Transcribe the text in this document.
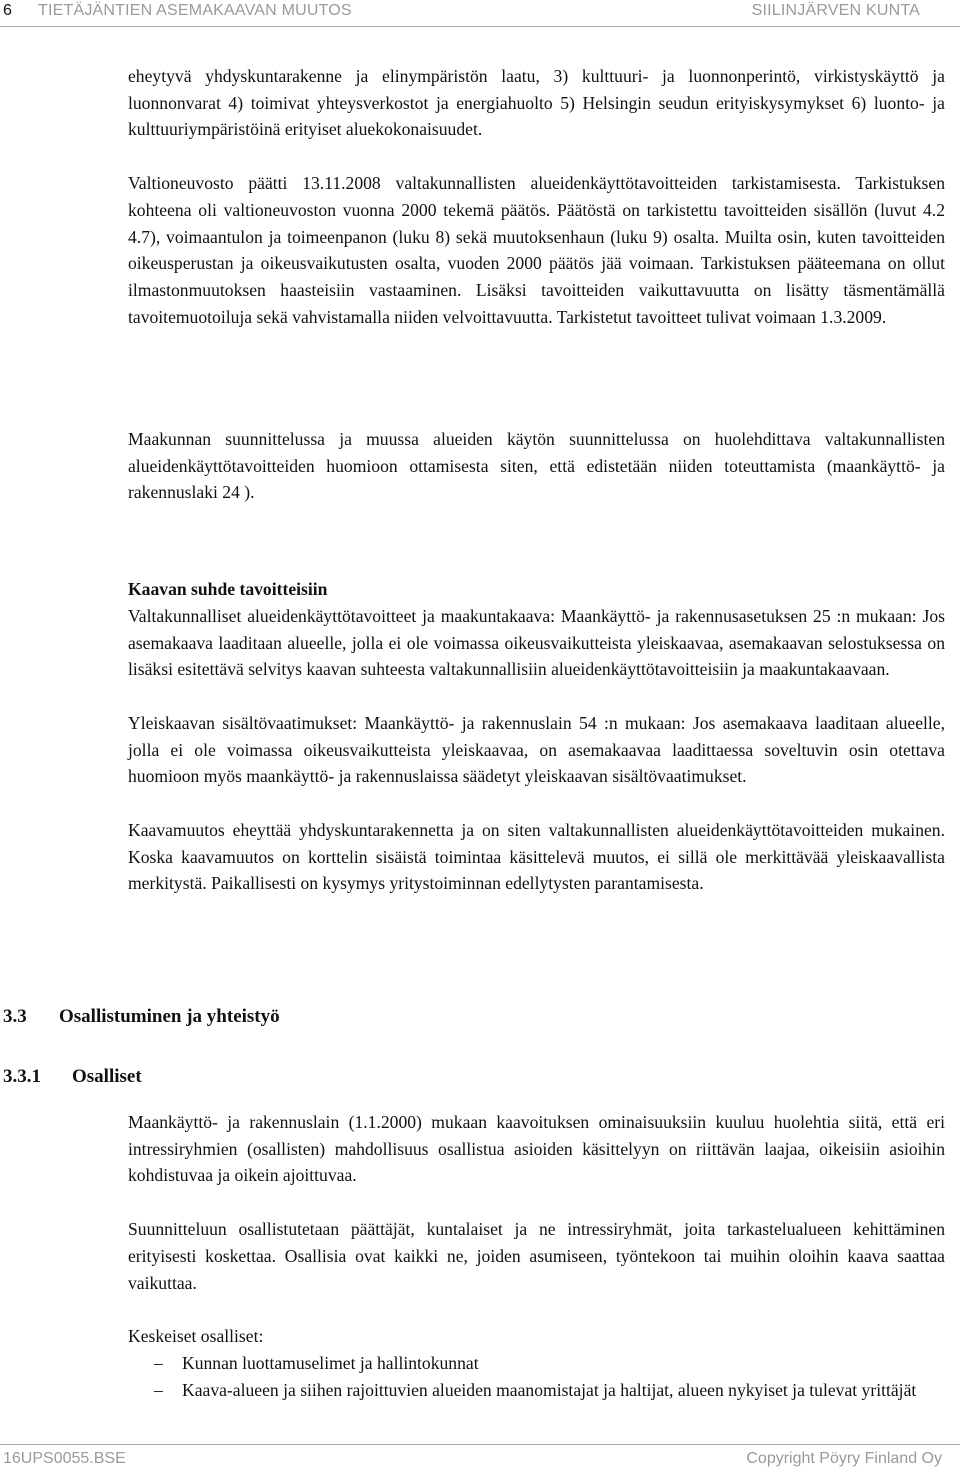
6 TIETÄJÄNTIEN ASEMAKAAVAN MUUTOS	SIILINJÄRVEN KUNTA

eheytyvä yhdyskuntarakenne ja elinympäristön laatu, 3) kulttuuri- ja luonnonperintö, virkistyskäyttö ja luonnonvarat 4) toimivat yhteysverkostot ja energiahuolto 5) Helsingin seudun erityiskysymykset 6) luonto- ja kulttuuriympäristöinä erityiset aluekokonaisuudet.

Valtioneuvosto päätti 13.11.2008 valtakunnallisten alueidenkäyttötavoitteiden tarkistamisesta. Tarkistuksen kohteena oli valtioneuvoston vuonna 2000 tekemä päätös. Päätöstä on tarkistettu tavoitteiden sisällön (luvut 4.2 4.7), voimaantulon ja toimeenpanon (luku 8) sekä muutoksenhaun (luku 9) osalta. Muilta osin, kuten tavoitteiden oikeusperustan ja oikeusvaikutusten osalta, vuoden 2000 päätös jää voimaan. Tarkistuksen pääteemana on ollut ilmastonmuutoksen haasteisiin vastaaminen. Lisäksi tavoitteiden vaikuttavuutta on lisätty täsmentämällä tavoitemuotoiluja sekä vahvistamalla niiden velvoittavuutta. Tarkistetut tavoitteet tulivat voimaan 1.3.2009.

Maakunnan suunnittelussa ja muussa alueiden käytön suunnittelussa on huolehdittava valtakunnallisten alueidenkäyttötavoitteiden huomioon ottamisesta siten, että edistetään niiden toteuttamista (maankäyttö- ja rakennuslaki 24 ).

Kaavan suhde tavoitteisiin

Valtakunnalliset alueidenkäyttötavoitteet ja maakuntakaava: Maankäyttö- ja rakennusasetuksen 25 :n mukaan: Jos asemakaava laaditaan alueelle, jolla ei ole voimassa oikeusvaikutteista yleiskaavaa, asemakaavan selostuksessa on lisäksi esitettävä selvitys kaavan suhteesta valtakunnallisiin alueidenkäyttötavoitteisiin ja maakuntakaavaan.

Yleiskaavan sisältövaatimukset: Maankäyttö- ja rakennuslain 54 :n mukaan: Jos asemakaava laaditaan alueelle, jolla ei ole voimassa oikeusvaikutteista yleiskaavaa, on asemakaavaa laadittaessa soveltuvin osin otettava huomioon myös maankäyttö- ja rakennuslaissa säädetyt yleiskaavan sisältövaatimukset.

Kaavamuutos eheyttää yhdyskuntarakennetta ja on siten valtakunnallisten alueidenkäyttötavoitteiden mukainen. Koska kaavamuutos on korttelin sisäistä toimintaa käsittelevä muutos, ei sillä ole merkittävää yleiskaavallista merkitystä. Paikallisesti on kysymys yritystoiminnan edellytysten parantamisesta.

3.3 Osallistuminen ja yhteistyö
3.3.1 Osalliset

Maankäyttö- ja rakennuslain (1.1.2000) mukaan kaavoituksen ominaisuuksiin kuuluu huolehtia siitä, että eri intressiryhmien (osallisten) mahdollisuus osallistua asioiden käsittelyyn on riittävän laajaa, oikeisiin asioihin kohdistuvaa ja oikein ajoittuvaa.

Suunnitteluun osallistutetaan päättäjät, kuntalaiset ja ne intressiryhmät, joita tarkastelualueen kehittäminen erityisesti koskettaa. Osallisia ovat kaikki ne, joiden asumiseen, työntekoon tai muihin oloihin kaava saattaa vaikuttaa.

Keskeiset osalliset:

– Kunnan luottamuselimet ja hallintokunnat
– Kaava-alueen ja siihen rajoittuvien alueiden maanomistajat ja haltijat, alueen nykyiset ja tulevat yrittäjät
16UPS0055.BSE	Copyright Pöyry Finland Oy
